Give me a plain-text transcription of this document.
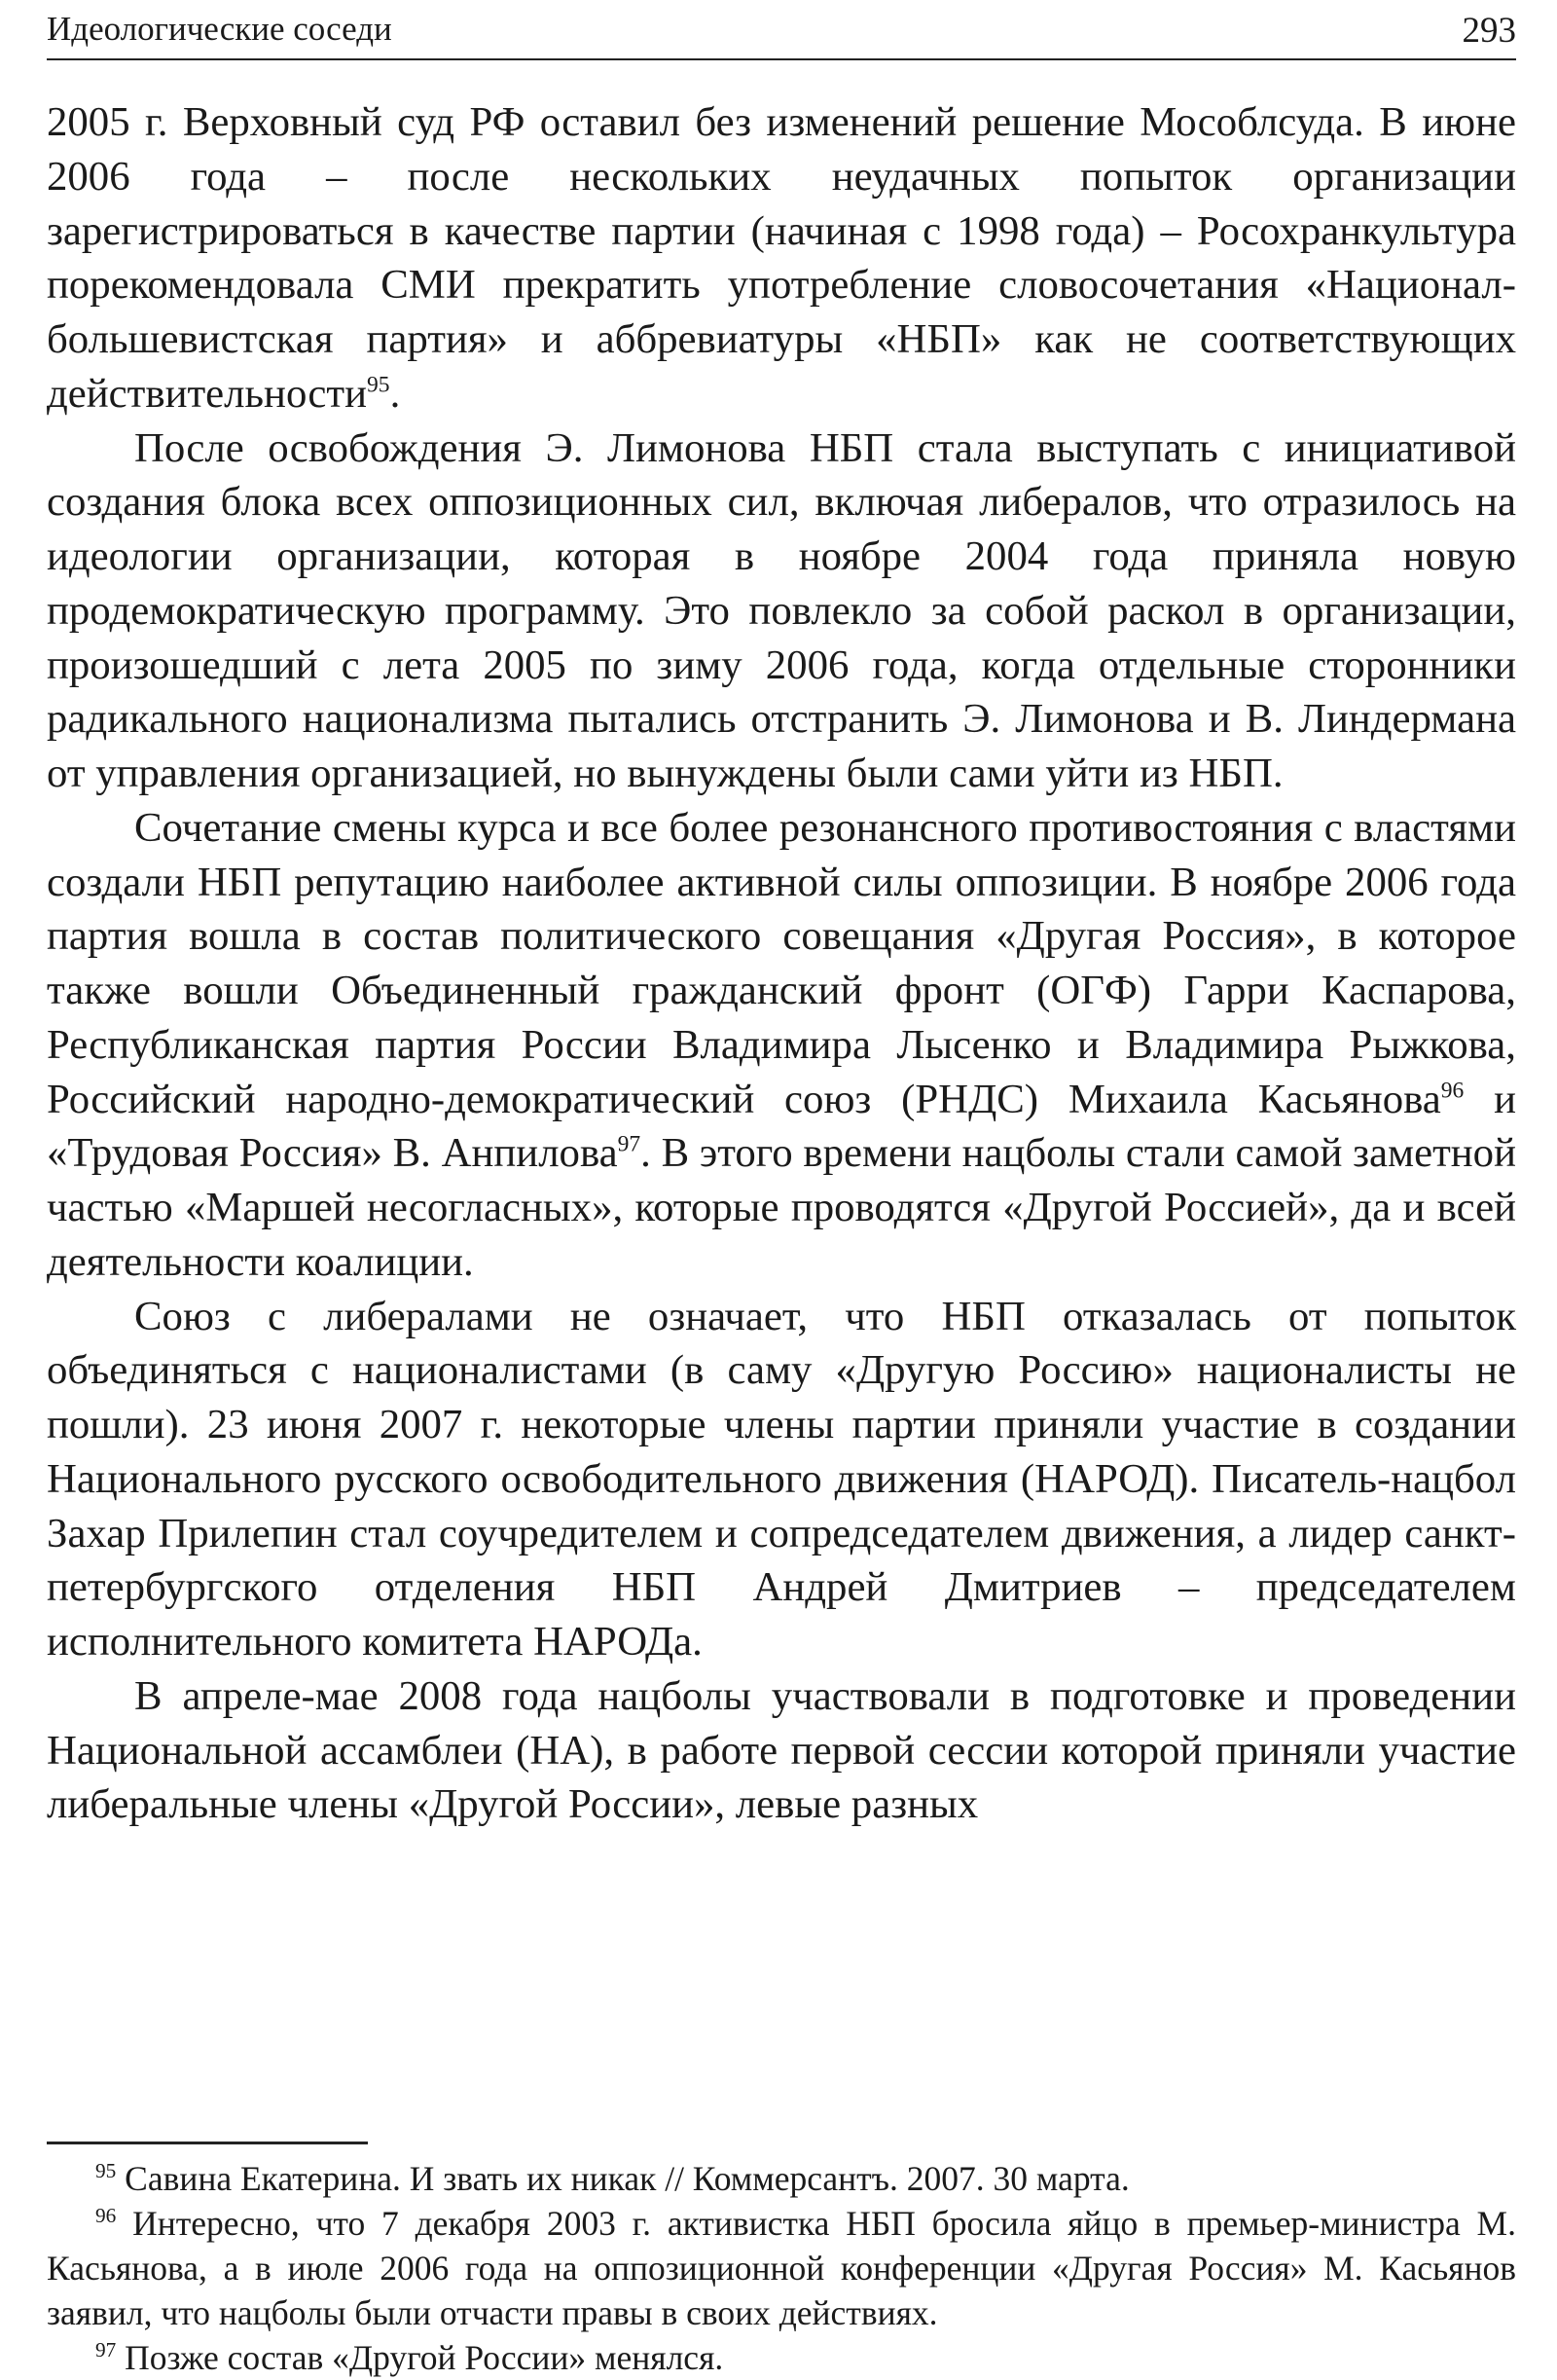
Идеологические соседи	293

2005 г. Верховный суд РФ оставил без изменений решение Мособлсуда. В июне 2006 года – после нескольких неудачных попыток организации зарегистрироваться в качестве партии (начиная с 1998 года) – Росохранкультура порекомендовала СМИ прекратить употребление словосочетания «Национал-большевистская партия» и аббревиатуры «НБП» как не соответствующих действительности$^{95}$.

После освобождения Э. Лимонова НБП стала выступать с инициативой создания блока всех оппозиционных сил, включая либералов, что отразилось на идеологии организации, которая в ноябре 2004 года приняла новую продемократическую программу. Это повлекло за собой раскол в организации, произошедший с лета 2005 по зиму 2006 года, когда отдельные сторонники радикального национализма пытались отстранить Э. Лимонова и В. Линдермана от управления организацией, но вынуждены были сами уйти из НБП.

Сочетание смены курса и все более резонансного противостояния с властями создали НБП репутацию наиболее активной силы оппозиции. В ноябре 2006 года партия вошла в состав политического совещания «Другая Россия», в которое также вошли Объединенный гражданский фронт (ОГФ) Гарри Каспарова, Республиканская партия России Владимира Лысенко и Владимира Рыжкова, Российский народно-демократический союз (РНДС) Михаила Касьянова$^{96}$ и «Трудовая Россия» В. Анпилова$^{97}$. В этого времени нацболы стали самой заметной частью «Маршей несогласных», которые проводятся «Другой Россией», да и всей деятельности коалиции.

Союз с либералами не означает, что НБП отказалась от попыток объединяться с националистами (в саму «Другую Россию» националисты не пошли). 23 июня 2007 г. некоторые члены партии приняли участие в создании Национального русского освободительного движения (НАРОД). Писатель-нацбол Захар Прилепин стал соучредителем и сопредседателем движения, а лидер санкт-петербургского отделения НБП Андрей Дмитриев – председателем исполнительного комитета НАРОДа.

В апреле-мае 2008 года нацболы участвовали в подготовке и проведении Национальной ассамблеи (НА), в работе первой сессии которой приняли участие либеральные члены «Другой России», левые разных

$^{95}$ Савина Екатерина. И звать их никак // Коммерсантъ. 2007. 30 марта.

$^{96}$ Интересно, что 7 декабря 2003 г. активистка НБП бросила яйцо в премьер-министра М. Касьянова, а в июле 2006 года на оппозиционной конференции «Другая Россия» М. Касьянов заявил, что нацболы были отчасти правы в своих действиях.

$^{97}$ Позже состав «Другой России» менялся.
